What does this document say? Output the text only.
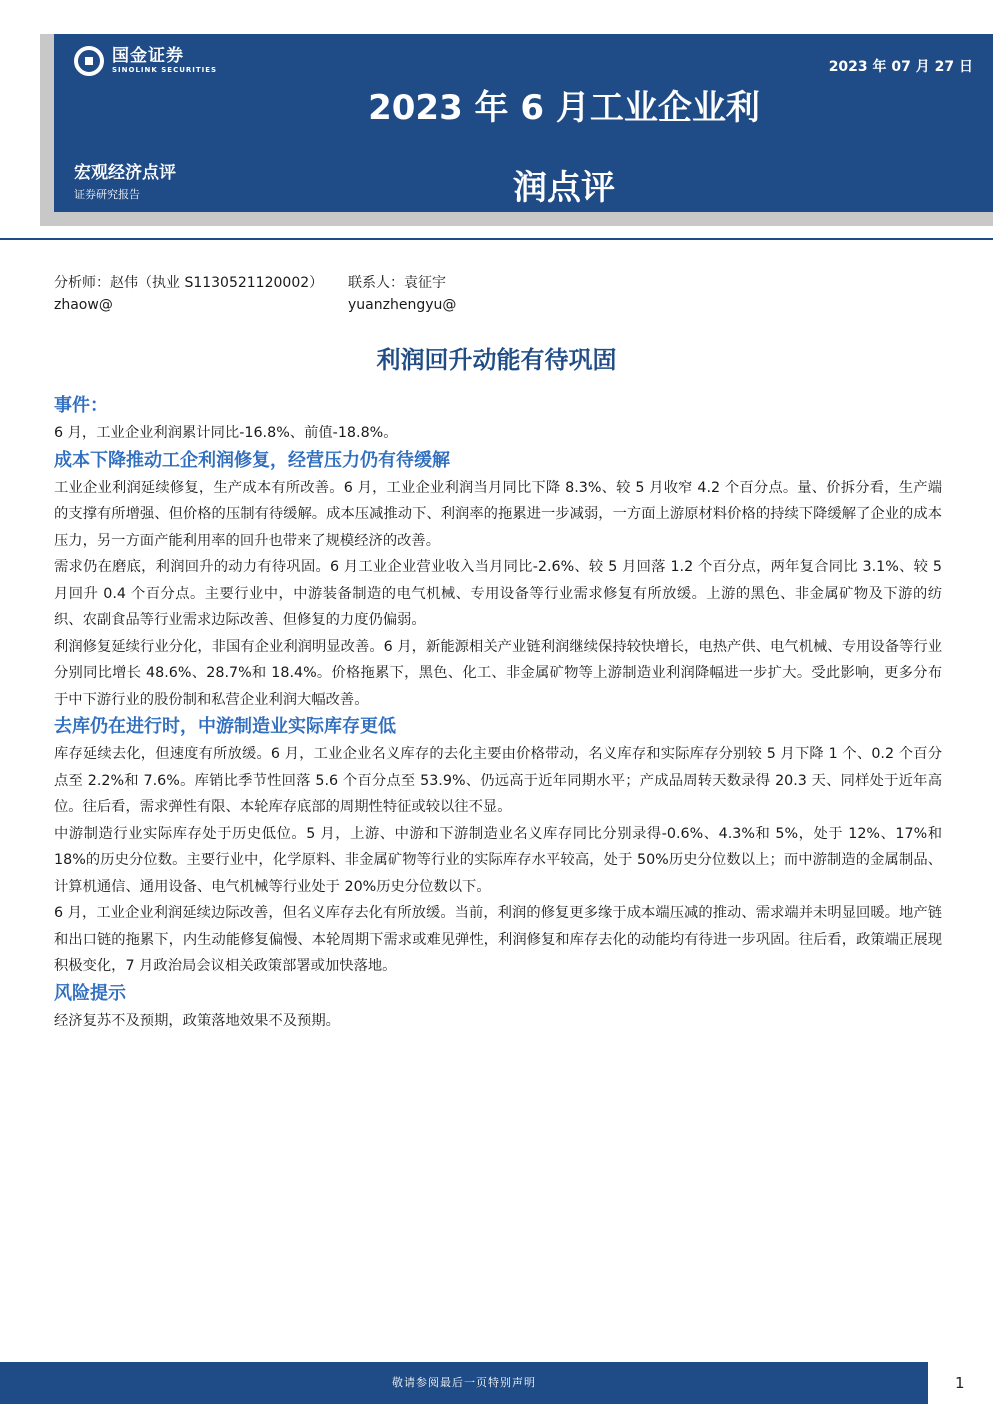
国金证券
SINOLINK SECURITIES	2023 年 07 月 27 日
2023 年 6 月工业企业利
润点评
宏观经济点评
证券研究报告
分析师：赵伟（执业 S1130521120002）
zhaow@
联系人：袁征宇
yuanzhengyu@
利润回升动能有待巩固

事件：

6 月，工业企业利润累计同比-16.8%、前值-18.8%。

成本下降推动工企利润修复，经营压力仍有待缓解

工业企业利润延续修复，生产成本有所改善。6 月，工业企业利润当月同比下降 8.3%、较 5 月收窄 4.2 个百分点。量、价拆分看，生产端的支撑有所增强、但价格的压制有待缓解。成本压减推动下、利润率的拖累进一步减弱，一方面上游原材料价格的持续下降缓解了企业的成本压力，另一方面产能利用率的回升也带来了规模经济的改善。

需求仍在磨底，利润回升的动力有待巩固。6 月工业企业营业收入当月同比-2.6%、较 5 月回落 1.2 个百分点，两年复合同比 3.1%、较 5 月回升 0.4 个百分点。主要行业中，中游装备制造的电气机械、专用设备等行业需求修复有所放缓。上游的黑色、非金属矿物及下游的纺织、农副食品等行业需求边际改善、但修复的力度仍偏弱。

利润修复延续行业分化，非国有企业利润明显改善。6 月，新能源相关产业链利润继续保持较快增长，电热产供、电气机械、专用设备等行业分别同比增长 48.6%、28.7%和 18.4%。价格拖累下，黑色、化工、非金属矿物等上游制造业利润降幅进一步扩大。受此影响，更多分布于中下游行业的股份制和私营企业利润大幅改善。

去库仍在进行时，中游制造业实际库存更低

库存延续去化，但速度有所放缓。6 月，工业企业名义库存的去化主要由价格带动，名义库存和实际库存分别较 5 月下降 1 个、0.2 个百分点至 2.2%和 7.6%。库销比季节性回落 5.6 个百分点至 53.9%、仍远高于近年同期水平；产成品周转天数录得 20.3 天、同样处于近年高位。往后看，需求弹性有限、本轮库存底部的周期性特征或较以往不显。

中游制造行业实际库存处于历史低位。5 月，上游、中游和下游制造业名义库存同比分别录得-0.6%、4.3%和 5%，处于 12%、17%和 18%的历史分位数。主要行业中，化学原料、非金属矿物等行业的实际库存水平较高，处于 50%历史分位数以上；而中游制造的金属制品、计算机通信、通用设备、电气机械等行业处于 20%历史分位数以下。

6 月，工业企业利润延续边际改善，但名义库存去化有所放缓。当前，利润的修复更多缘于成本端压减的推动、需求端并未明显回暖。地产链和出口链的拖累下，内生动能修复偏慢、本轮周期下需求或难见弹性，利润修复和库存去化的动能均有待进一步巩固。往后看，政策端正展现积极变化，7 月政治局会议相关政策部署或加快落地。

风险提示

经济复苏不及预期，政策落地效果不及预期。

敬请参阅最后一页特别声明	1
